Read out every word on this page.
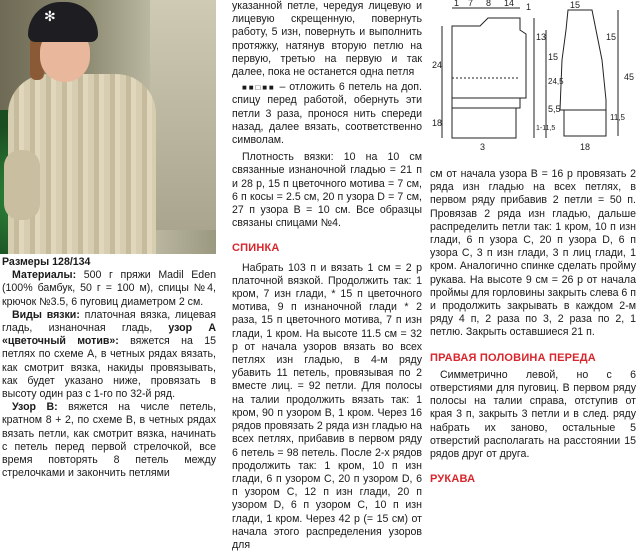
✻

Размеры 128/134

Материалы: 500 г пряжи Madil Eden (100% бамбук, 50 г = 100 м), спицы №4, крючок №3.5, 6 пуговиц диаметром 2 см.

Виды вязки: платочная вязка, лицевая гладь, изнаночная гладь, узор А «цветочный мотив»: вяжется на 15 петлях по схеме А, в четных рядах вязать, как смотрит вязка, накиды провязывать, как будет указано ниже, провязать в высоту один раз с 1-го по 32-й ряд.

Узор В: вяжется на числе петель, кратном 8 + 2, по схеме В, в четных рядах вязать петли, как смотрит вязка, начинать с петель перед первой стрелочкой, все время повторять 8 петель между стрелочками и закончить петлями

указанной петле, чередуя лицевую и лицевую скрещенную, повернуть работу, 5 изн, повернуть и выполнить протяжку, натянув вторую петлю на первую, третью на первую и так далее, пока не останется одна петля

■■□■■ – отложить 6 петель на доп. спицу перед работой, обернуть эти петли 3 раза, пронося нить спереди назад, далее вязать, соответственно символам.

Плотность вязки: 10 на 10 см связанные изнаночной гладью = 21 п и 28 р, 15 п цветочного мотива = 7 см, 6 п косы = 2.5 см, 20 п узора D = 7 см, 27 п узора В = 10 см. Все образцы связаны спицами №4.

СПИНКА

Набрать 103 п и вязать 1 см = 2 р платочной вязкой. Продолжить так: 1 кром, 7 изн глади, * 15 п цветочного мотива, 9 п изнаночной глади * 2 раза, 15 п цветочного мотива, 7 п изн глади, 1 кром. На высоте 11.5 см = 32 р от начала узоров вязать во всех петлях изн гладью, в 4-м ряду убавить 11 петель, провязывая по 2 вместе лиц. = 92 петли. Для полосы на талии продолжить вязать так: 1 кром, 90 п узором В, 1 кром. Через 16 рядов провязать 2 ряда изн гладью на всех петлях, прибавив в первом ряду 6 петель = 98 петель. После 2-х рядов продолжить так: 1 кром, 10 п изн глади, 6 п узором С, 20 п узором D, 6 п узором С, 12 п изн глади, 20 п узором D, 6 п узором С, 10 п изн глади, 1 кром. Через 42 р (= 15 см) от начала этого распределения узоров для

1 7 8 14
18
24
3
1	15
18
15
13
1-11,5
5,5
15
24,5
11,5
45

см от начала узора В = 16 р провязать 2 ряда изн гладью на всех петлях, в первом ряду прибавив 2 петли = 50 п. Провязав 2 ряда изн гладью, дальше распределить петли так: 1 кром, 10 п изн глади, 6 п узора С, 20 п узора D, 6 п узора С, 3 п изн глади, 3 п лиц глади, 1 кром. Аналогично спинке сделать пройму рукава. На высоте 9 см = 26 р от начала проймы для горловины закрыть слева 6 п и продолжить закрывать в каждом 2-м ряду 4 п, 2 раза по 3, 2 раза по 2, 1 петлю. Закрыть оставшиеся 21 п.

ПРАВАЯ ПОЛОВИНА ПЕРЕДА

Симметрично левой, но с 6 отверстиями для пуговиц. В первом ряду полосы на талии справа, отступив от края 3 п, закрыть 3 петли и в след. ряду набрать их заново, остальные 5 отверстий располагать на расстоянии 15 рядов друг от друга.

РУКАВА
